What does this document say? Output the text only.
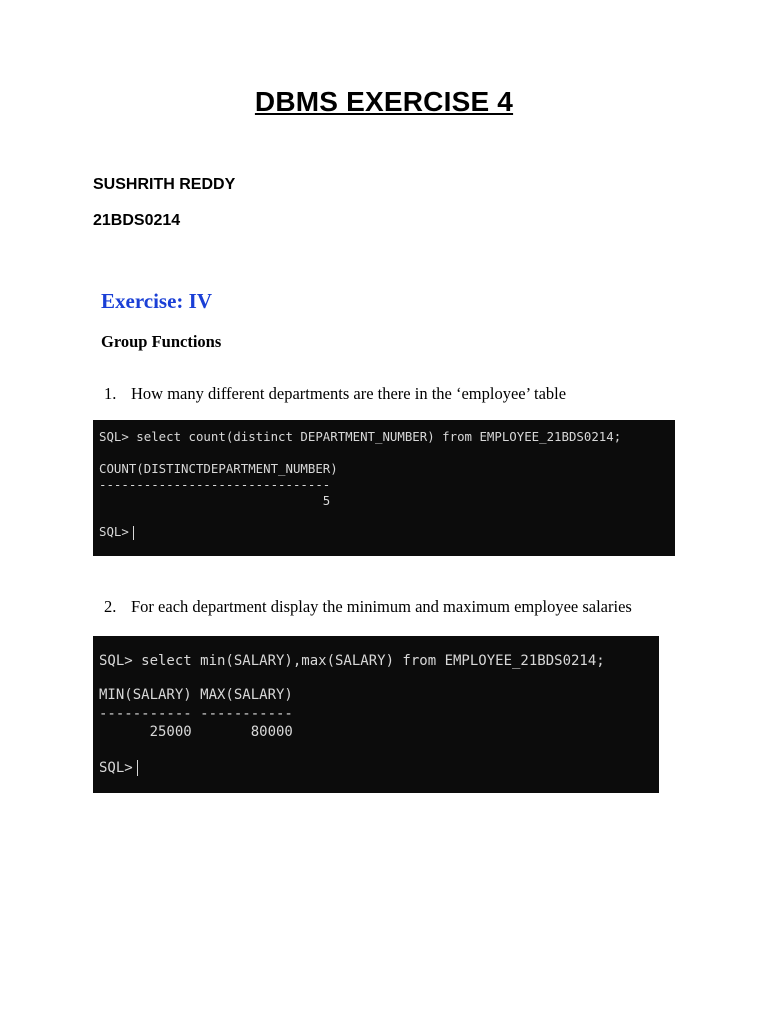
DBMS EXERCISE 4
SUSHRITH REDDY
21BDS0214
Exercise: IV
Group Functions
1. How many different departments are there in the ‘employee’ table

SQL> select count(distinct DEPARTMENT_NUMBER) from EMPLOYEE_21BDS0214;

COUNT(DISTINCTDEPARTMENT_NUMBER)

-------------------------------

5

SQL>

2. For each department display the minimum and maximum employee salaries

SQL> select min(SALARY),max(SALARY) from EMPLOYEE_21BDS0214;

MIN(SALARY) MAX(SALARY)

----------- -----------

25000       80000

SQL>
